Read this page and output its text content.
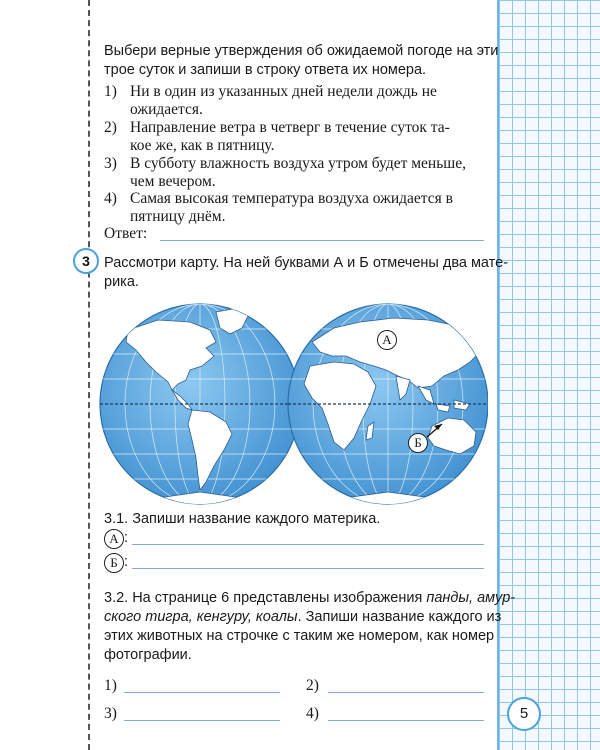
Выбери верные утверждения об ожидаемой погоде на эти
трое суток и запиши в строку ответа их номера.
1) Ни в один из указанных дней недели дождь не
ожидается.
2) Направление ветра в четверг в течение суток та-
кое же, как в пятницу.
3) В субботу влажность воздуха утром будет меньше,
чем вечером.
4) Самая высокая температура воздуха ожидается в
пятницу днём.
Ответ:
3 Рассмотри карту. На ней буквами А и Б отмечены два мате-
рика.
А
Б
3.1. Запиши название каждого материка.
А :
Б :
3.2. На странице 6 представлены изображения панды, амур-
ского тигра, кенгуру, коалы. Запиши название каждого из
этих животных на строчке с таким же номером, как номер
фотографии.
1)	2)
3)	4)	5
